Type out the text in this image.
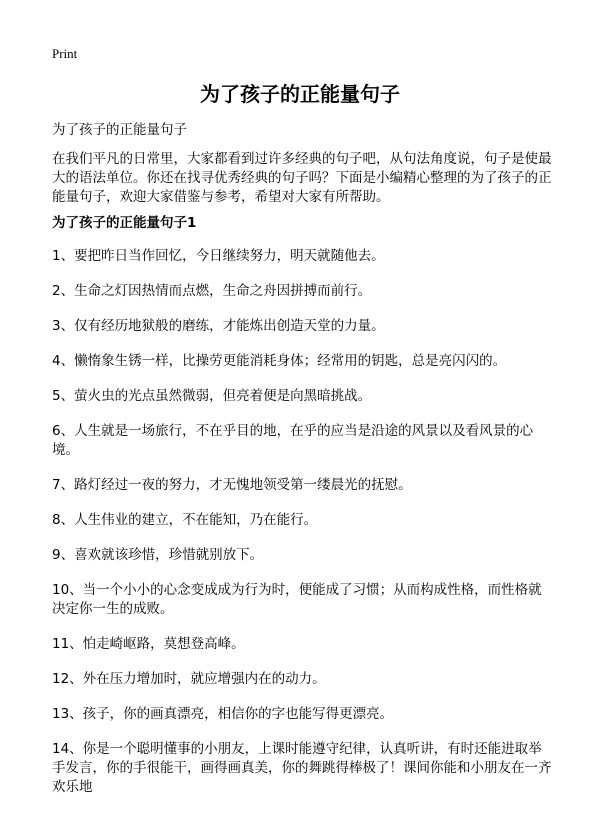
Print
为了孩子的正能量句子
为了孩子的正能量句子

在我们平凡的日常里，大家都看到过许多经典的句子吧，从句法角度说，句子是使最大的语法单位。你还在找寻优秀经典的句子吗？下面是小编精心整理的为了孩子的正能量句子，欢迎大家借鉴与参考，希望对大家有所帮助。

为了孩子的正能量句子1
1、要把昨日当作回忆，今日继续努力，明天就随他去。
2、生命之灯因热情而点燃，生命之舟因拼搏而前行。
3、仅有经历地狱般的磨练，才能炼出创造天堂的力量。
4、懒惰象生锈一样，比操劳更能消耗身体；经常用的钥匙，总是亮闪闪的。
5、萤火虫的光点虽然微弱，但亮着便是向黑暗挑战。
6、人生就是一场旅行，不在乎目的地，在乎的应当是沿途的风景以及看风景的心境。
7、路灯经过一夜的努力，才无愧地领受第一缕晨光的抚慰。
8、人生伟业的建立，不在能知，乃在能行。
9、喜欢就该珍惜，珍惜就别放下。
10、当一个小小的心念变成成为行为时，便能成了习惯；从而构成性格，而性格就决定你一生的成败。
11、怕走崎岖路，莫想登高峰。
12、外在压力增加时，就应增强内在的动力。
13、孩子，你的画真漂亮，相信你的字也能写得更漂亮。
14、你是一个聪明懂事的小朋友，上课时能遵守纪律，认真听讲，有时还能进取举手发言，你的手很能干，画得画真美，你的舞跳得棒极了！课间你能和小朋友在一齐欢乐地
